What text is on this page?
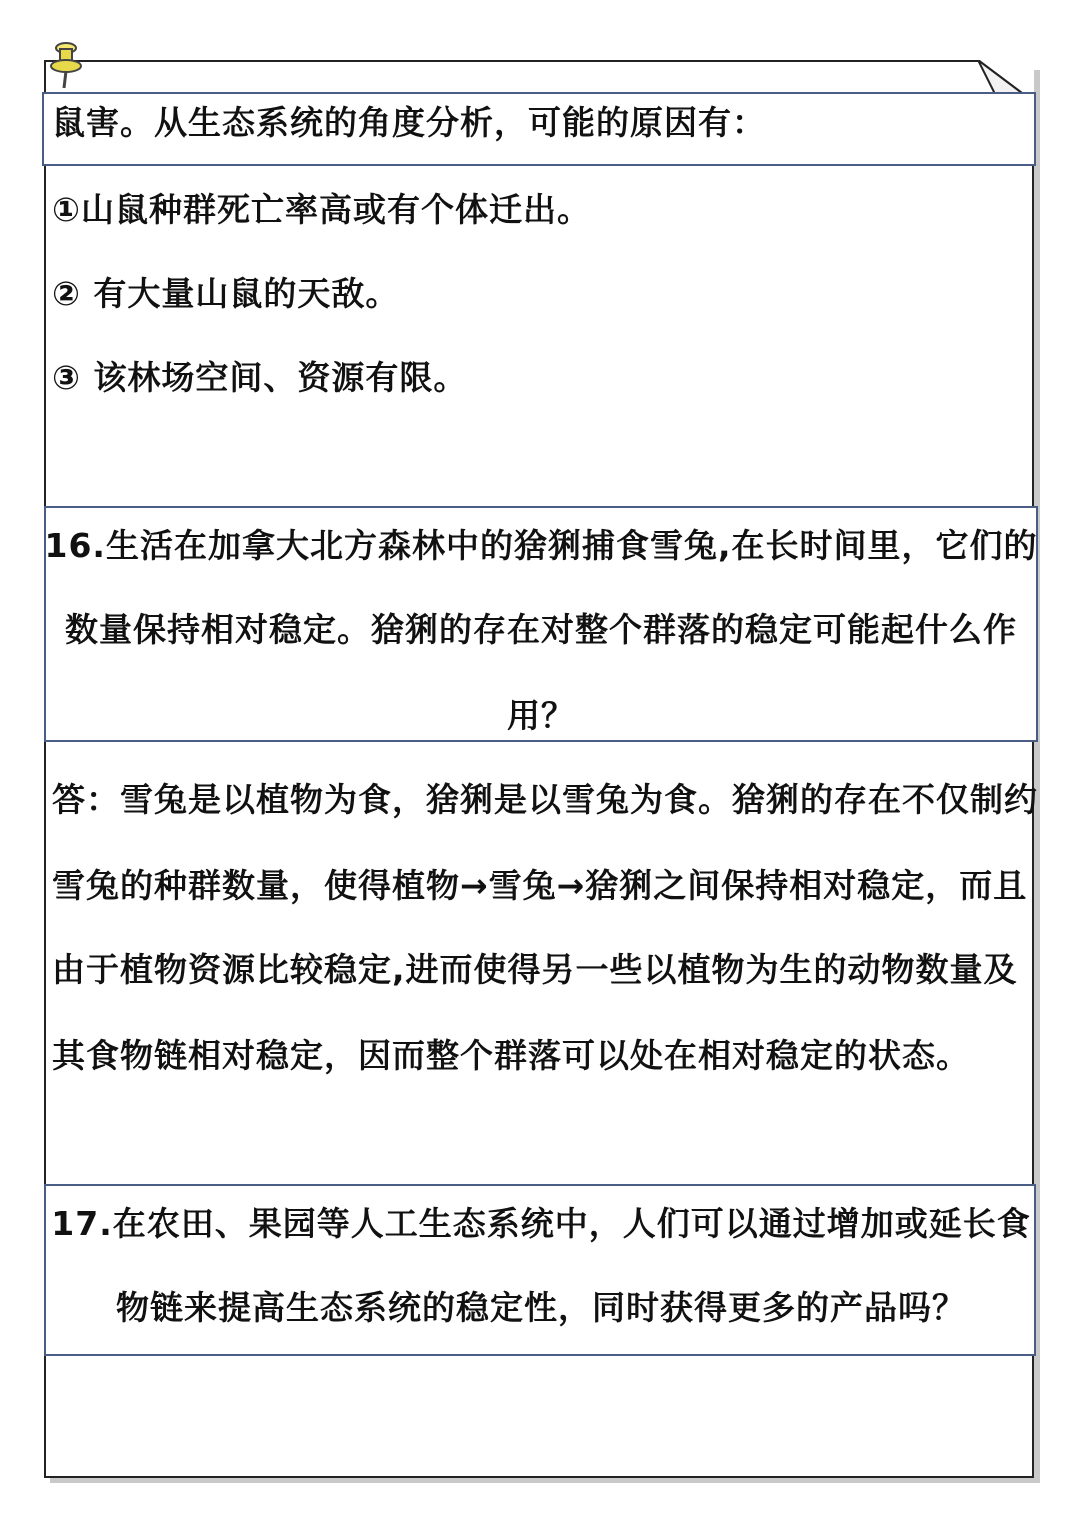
鼠害。从生态系统的角度分析，可能的原因有：
①山鼠种群死亡率高或有个体迁出。
② 有大量山鼠的天敌。
③ 该林场空间、资源有限。
16.生活在加拿大北方森林中的猞猁捕食雪兔,在长时间里，它们的
数量保持相对稳定。猞猁的存在对整个群落的稳定可能起什么作
用？
答：雪兔是以植物为食，猞猁是以雪兔为食。猞猁的存在不仅制约
雪兔的种群数量，使得植物→雪兔→猞猁之间保持相对稳定，而且
由于植物资源比较稳定,进而使得另一些以植物为生的动物数量及
其食物链相对稳定，因而整个群落可以处在相对稳定的状态。
17.在农田、果园等人工生态系统中，人们可以通过增加或延长食
物链来提高生态系统的稳定性，同时获得更多的产品吗？
